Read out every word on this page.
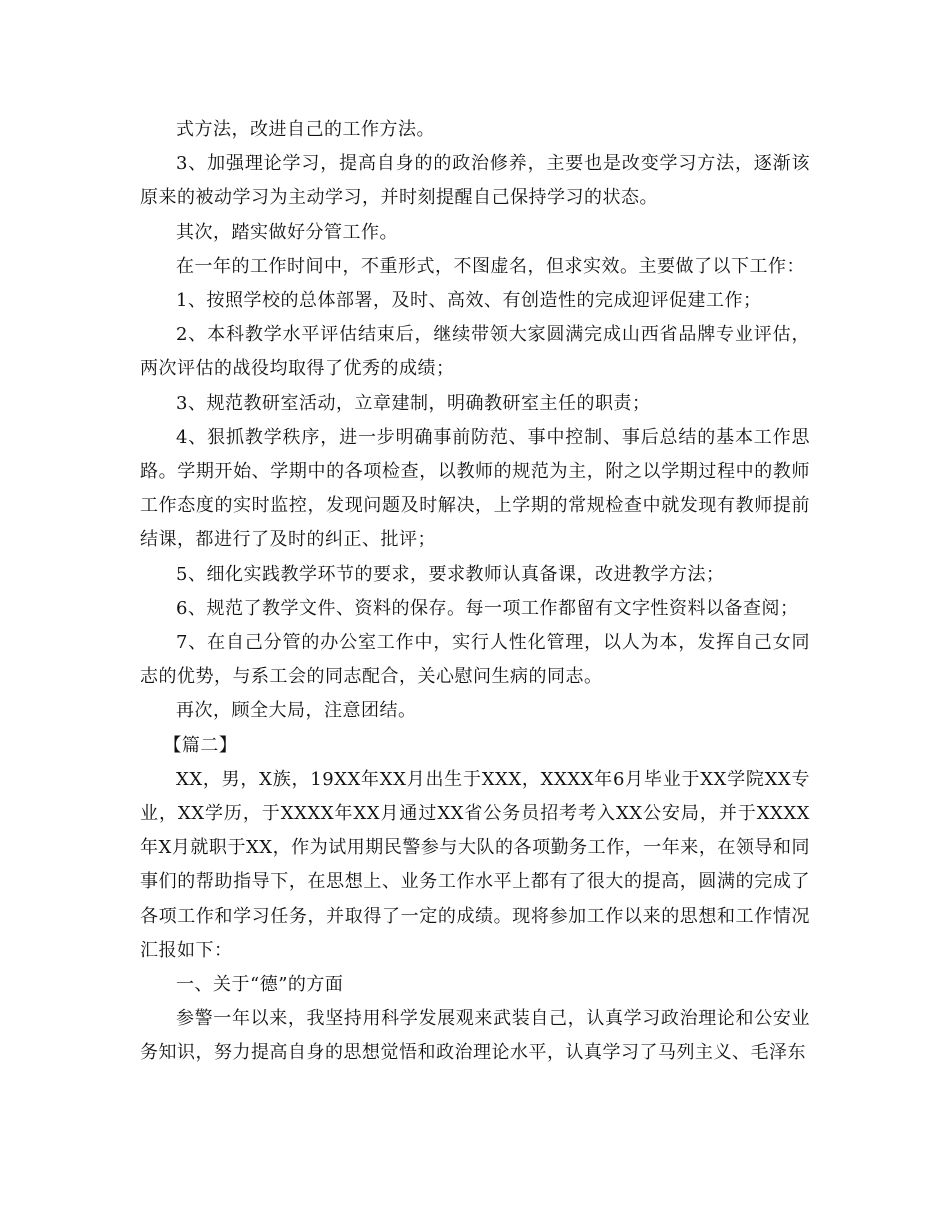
式方法，改进自己的工作方法。

3、加强理论学习，提高自身的的政治修养，主要也是改变学习方法，逐渐该原来的被动学习为主动学习，并时刻提醒自己保持学习的状态。

其次，踏实做好分管工作。

在一年的工作时间中，不重形式，不图虚名，但求实效。主要做了以下工作：

1、按照学校的总体部署，及时、高效、有创造性的完成迎评促建工作；

2、本科教学水平评估结束后，继续带领大家圆满完成山西省品牌专业评估，两次评估的战役均取得了优秀的成绩；

3、规范教研室活动，立章建制，明确教研室主任的职责；

4、狠抓教学秩序，进一步明确事前防范、事中控制、事后总结的基本工作思路。学期开始、学期中的各项检查，以教师的规范为主，附之以学期过程中的教师工作态度的实时监控，发现问题及时解决，上学期的常规检查中就发现有教师提前结课，都进行了及时的纠正、批评；

5、细化实践教学环节的要求，要求教师认真备课，改进教学方法；

6、规范了教学文件、资料的保存。每一项工作都留有文字性资料以备查阅；

7、在自己分管的办公室工作中，实行人性化管理，以人为本，发挥自己女同志的优势，与系工会的同志配合，关心慰问生病的同志。

再次，顾全大局，注意团结。

【篇二】

XX，男，X族，19XX年XX月出生于XXX，XXXX年6月毕业于XX学院XX专业，XX学历，于XXXX年XX月通过XX省公务员招考考入XX公安局，并于XXXX年X月就职于XX，作为试用期民警参与大队的各项勤务工作，一年来，在领导和同事们的帮助指导下，在思想上、业务工作水平上都有了很大的提高，圆满的完成了各项工作和学习任务，并取得了一定的成绩。现将参加工作以来的思想和工作情况汇报如下：

一、关于“德”的方面

参警一年以来，我坚持用科学发展观来武装自己，认真学习政治理论和公安业务知识，努力提高自身的思想觉悟和政治理论水平，认真学习了马列主义、毛泽东
